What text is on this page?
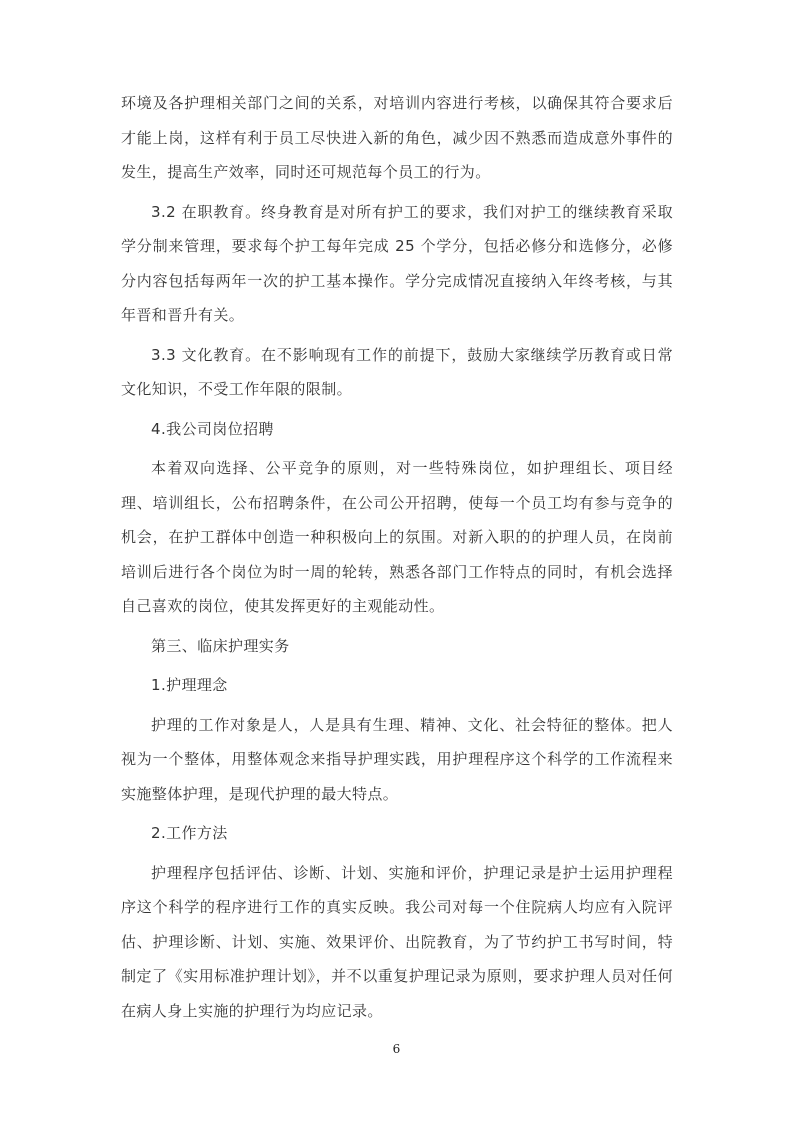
环境及各护理相关部门之间的关系，对培训内容进行考核，以确保其符合要求后才能上岗，这样有利于员工尽快进入新的角色，减少因不熟悉而造成意外事件的发生，提高生产效率，同时还可规范每个员工的行为。

3.2 在职教育。终身教育是对所有护工的要求，我们对护工的继续教育采取学分制来管理，要求每个护工每年完成 25 个学分，包括必修分和选修分，必修分内容包括每两年一次的护工基本操作。学分完成情况直接纳入年终考核，与其年晋和晋升有关。

3.3 文化教育。在不影响现有工作的前提下，鼓励大家继续学历教育或日常文化知识，不受工作年限的限制。

4.我公司岗位招聘

本着双向选择、公平竞争的原则，对一些特殊岗位，如护理组长、项目经理、培训组长，公布招聘条件，在公司公开招聘，使每一个员工均有参与竞争的机会，在护工群体中创造一种积极向上的氛围。对新入职的的护理人员，在岗前培训后进行各个岗位为时一周的轮转，熟悉各部门工作特点的同时，有机会选择自己喜欢的岗位，使其发挥更好的主观能动性。

第三、临床护理实务

1.护理理念

护理的工作对象是人，人是具有生理、精神、文化、社会特征的整体。把人视为一个整体，用整体观念来指导护理实践，用护理程序这个科学的工作流程来实施整体护理，是现代护理的最大特点。

2.工作方法

护理程序包括评估、诊断、计划、实施和评价，护理记录是护士运用护理程序这个科学的程序进行工作的真实反映。我公司对每一个住院病人均应有入院评估、护理诊断、计划、实施、效果评价、出院教育，为了节约护工书写时间，特制定了《实用标准护理计划》，并不以重复护理记录为原则，要求护理人员对任何在病人身上实施的护理行为均应记录。

6
